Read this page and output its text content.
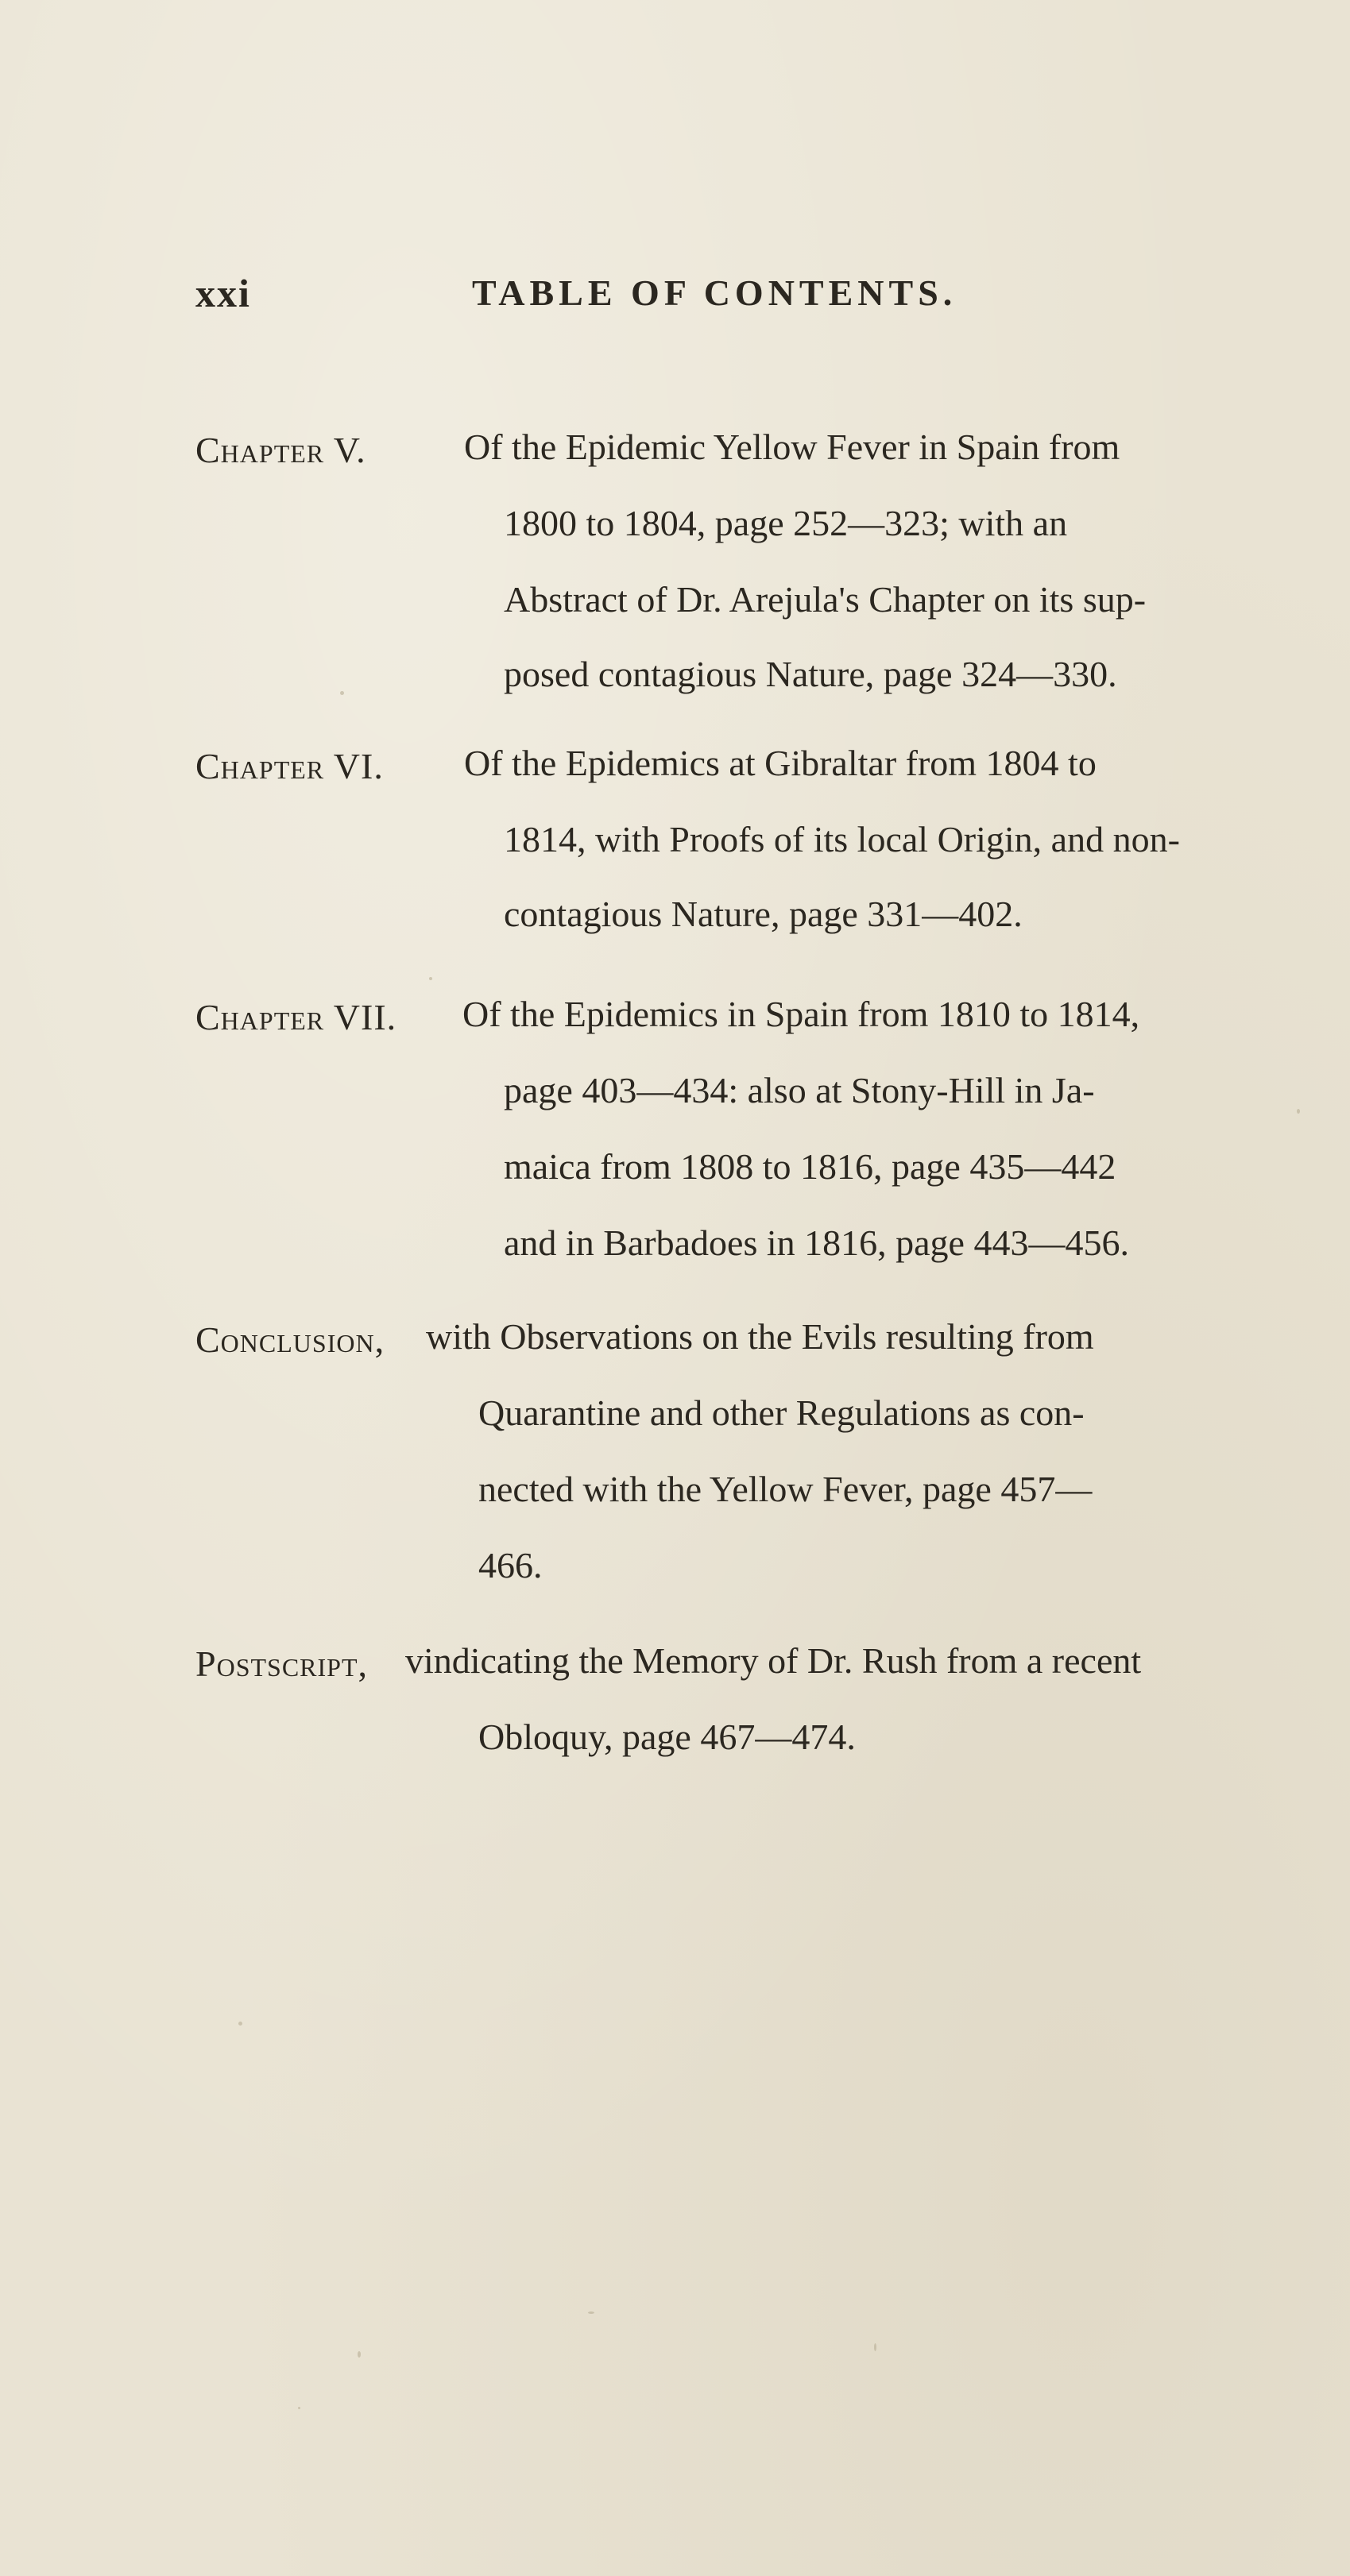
xxi	TABLE OF CONTENTS.
Chapter V.	Of the Epidemic Yellow Fever in Spain from
1800 to 1804, page 252—323; with an
Abstract of Dr. Arejula's Chapter on its sup-
posed contagious Nature, page 324—330.
Chapter VI. Of the Epidemics at Gibraltar from 1804 to
1814, with Proofs of its local Origin, and non-
contagious Nature, page 331—402.
Chapter VII. Of the Epidemics in Spain from 1810 to 1814,
page 403—434: also at Stony-Hill in Ja-
maica from 1808 to 1816, page 435—442
and in Barbadoes in 1816, page 443—456.
Conclusion, with Observations on the Evils resulting from
Quarantine and other Regulations as con-
nected with the Yellow Fever, page 457—
466.
Postscript, vindicating the Memory of Dr. Rush from a recent
Obloquy, page 467—474.
